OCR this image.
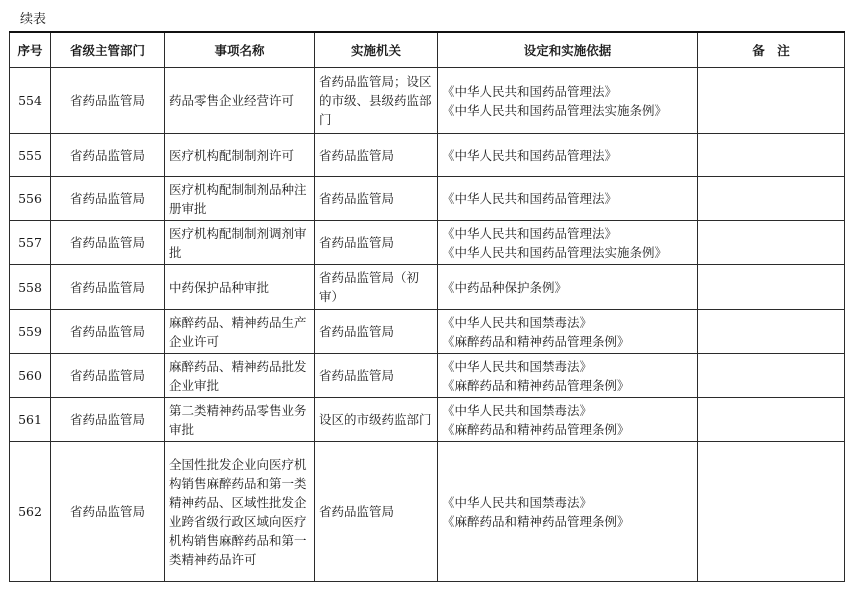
续表
序号	省级主管部门	事项名称	实施机关	设定和实施依据	备　注
554	省药品监管局	药品零售企业经营许可	省药品监管局；设区的市级、县级药监部门	《中华人民共和国药品管理法》
《中华人民共和国药品管理法实施条例》	

555	省药品监管局	医疗机构配制制剂许可	省药品监管局	《中华人民共和国药品管理法》	

556	省药品监管局	医疗机构配制制剂品种注册审批	省药品监管局	《中华人民共和国药品管理法》	

557	省药品监管局	医疗机构配制制剂调剂审批	省药品监管局	《中华人民共和国药品管理法》
《中华人民共和国药品管理法实施条例》	

558	省药品监管局	中药保护品种审批	省药品监管局（初审）	《中药品种保护条例》	

559	省药品监管局	麻醉药品、精神药品生产企业许可	省药品监管局	《中华人民共和国禁毒法》
《麻醉药品和精神药品管理条例》	

560	省药品监管局	麻醉药品、精神药品批发企业审批	省药品监管局	《中华人民共和国禁毒法》
《麻醉药品和精神药品管理条例》	

561	省药品监管局	第二类精神药品零售业务审批	设区的市级药监部门	《中华人民共和国禁毒法》
《麻醉药品和精神药品管理条例》	

562	省药品监管局	全国性批发企业向医疗机构销售麻醉药品和第一类精神药品、区域性批发企业跨省级行政区域向医疗机构销售麻醉药品和第一类精神药品许可	省药品监管局	《中华人民共和国禁毒法》
《麻醉药品和精神药品管理条例》	
